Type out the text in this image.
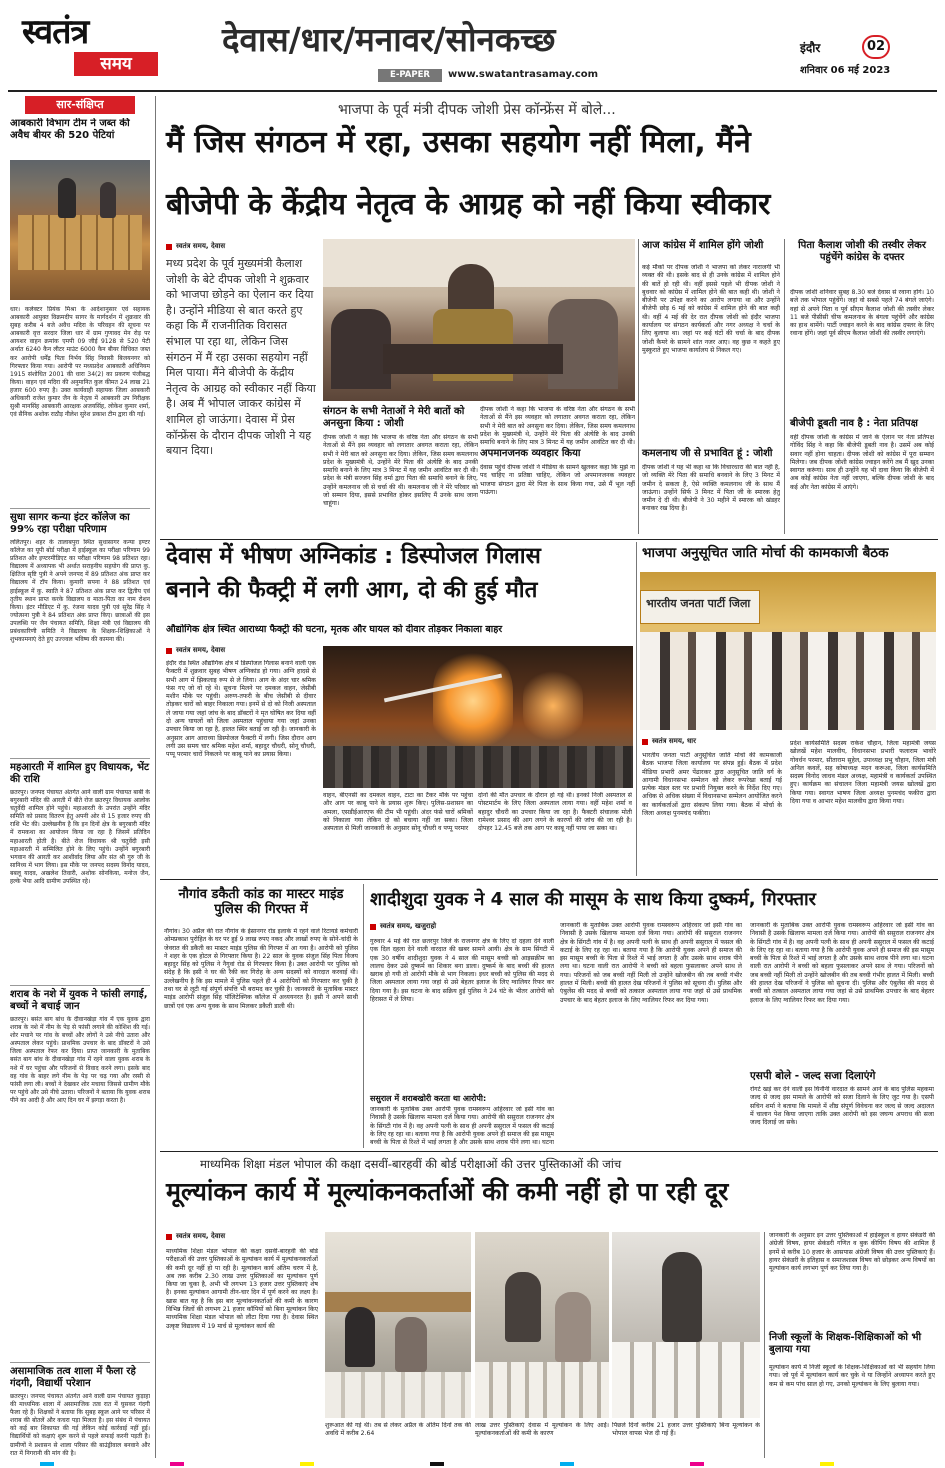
स्वतंत्र
समय
देवास/धार/मनावर/सोनकच्छ
E-PAPER	www.swatantrasamay.com
इंदौर	02
शनिवार 06 मई 2023
सार-संक्षिप्त
आबकारी विभाग टीम ने जब्त की अवैध बीयर की 520 पेटियां
धार। कलेक्टर प्रियंक मिश्रा के आदेशानुसार एवं सहायक आबकारी आयुक्त विक्रमदीप सागर के मार्गदर्शन में शुक्रवार की सुबह करीब 4 बजे अवैध मदिरा के परिवहन की सूचना पर आबकारी वृत्त सरदार जिला धार में ग्राम गुणावद मेन रोड़ पर आयशर वाहन क्रमांक एमपी 09 जीई 9128 से 520 पेटी अर्थात 6240 कैन लीटर माउंट 6000 कैन बीयर विधिवत जब्त कर आरोपी धर्मेंद्र पिता निर्भय सिंह निवासी बिजयनगर को गिरफ्तार किया गया। आरोपी पर मध्यप्रदेश आबकारी अधिनियम 1915 संशोधित 2001 की धारा 34(2) का प्रकरण पंजीबद्ध किया। वाहन एवं मदिरा की अनुमानित कुल कीमत 24 लाख 21 हजार 600 रुपए है। उक्त कार्यवाही सहायक जिला आबकारी अधिकारी राजेश कुमार जैन के नेतृत्व में आबकारी उप निरीक्षक सुश्री मानसिंह आबकारी आरक्षक अजयसिंह, लोकेश कुमार शर्मा, एवं सैनिक अशोक राठौड़ नीलेश सुरेश प्रकाश टीम द्वारा की गई।
सुधा सागर कन्या इंटर कॉलेज का 99% रहा परीक्षा परिणाम
ललितपुर। शहर के तालाबपुरा स्थित सुधासागर कन्या इण्टर कॉलेज का यूपी बोर्ड परीक्षा में हाईस्कूल का परीक्षा परिणाम 99 प्रतिशत और इण्टरमीडिएट का परीक्षा परिणाम 98 प्रतिशत रहा। विद्यालय में अध्यापक भी अर्थात सराहनीय सहयोग की प्राप्त कु. क्षितिज सृष्टि पुत्री ने अपने जनपद में 89 प्रतिशत अंक प्राप्त कर विद्यालय में टॉप किया। कुमारी सपना ने 88 प्रतिशत एवं हाईस्कूल में कु. स्वाति ने 87 प्रतिशत अंक प्राप्त कर द्वितीय एवं तृतीय स्थान प्राप्त करके विद्यालय व माता-पिता का नाम रोशन किया। इंटर मीडिएट में कु. रंजना यादव पुत्री एवं सुरेंद्र सिंह ने ज्योत्सना पुत्री ने 84 प्रतिशत अंक प्राप्त किए। छात्राओं की इस उपलब्धि पर जैन पंचायत समिति, शिक्षा मंत्री एवं विद्यालय की प्रबंधकारिणी समिति ने विद्यालय के शिक्षक-शिक्षिकाओं ने शुभकामनाएं देते हुए उज्ज्वल भविष्य की कामना की।
महआरती में शामिल हुए विधायक, भेंट की राशि
छतरपुर। जनपद पंचायत अंतर्गत आने वाली ग्राम पंचायत बाबी के बगुरबारी मंदिर की आरती में बीते रोज छतरपुर विधायक आलोक चतुर्वेदी शामिल होने पहुंचे। महाआरती के उपरांत उन्होंने मंदिर समिति को प्रसाद वितरण हेतु अपनी ओर से 15 हजार रुपए की राशि भेंट की। उल्लेखनीय है कि इन दिनों क्षेत्र के बगुरबारी मंदिर में रामकथा का आयोजन किया जा रहा है जिसमें प्रतिदिन महाआरती होती है। बीते रोज विधायक श्री चतुर्वेदी इसी महाआरती में सम्मिलित होने के लिए पहुंचे। उन्होंने बगुरबारी भगवान की आरती कर आशीर्वाद लिया और संत श्री गुरु जी के सानिध्य में भाग लिया। इस मौके पर जनपद सदस्य विनोद यादव, बबलू यादव, अखलेश तिवारी, अशोक सोनकिया, मनोज जैन, हल्के भैया आदि ग्रामीण उपस्थित रहे।
शराब के नशे में युवक ने फांसी लगाई, बच्चों ने बचाई जान
छतरपुर। बसंत बाग बांध के दीवानखेड़ा गांव में एक युवक द्वारा शराब के नशे में नीम के पेड़ से फांसी लगाने की कोशिश की गई। शोर मचाने पर गांव के बच्चों और लोगों ने उसे नीचे उतारा और अस्पताल लेकर पहुंचे। प्राथमिक उपचार के बाद डॉक्टरों ने उसे जिला अस्पताल रेफर कर दिया। प्राप्त जानकारी के मुताबिक बसंत बाग बांध के दीवानखेड़ा गांव में रहने वाला युवक शराब के नशे में घर पहुंचा और परिजनों से विवाद करने लगा। इसके बाद वह गांव के बाहर लगे नीम के पेड़ पर चढ़ गया और रस्सी से फांसी लगा ली। बच्चों ने देखकर शोर मचाया जिससे ग्रामीण मौके पर पहुंचे और उसे नीचे उतारा। परिजनों ने बताया कि युवक शराब पीने का आदी है और आए दिन घर में झगड़ा करता है।
असामाजिक तत्व शाला में फैला रहे गंदगी, विद्यार्थी परेशान
छतरपुर। जनपद पंचायत अंतर्गत आने वाली ग्राम पंचायत कुड़ाहा की माध्यमिक शाला में असामाजिक तत्व रात में घुसकर गंदगी फैला रहे हैं। शिक्षकों ने बताया कि सुबह स्कूल आने पर परिसर में शराब की बोतलें और कचरा पड़ा मिलता है। इस संबंध में पंचायत को कई बार शिकायत की गई लेकिन कोई कार्रवाई नहीं हुई। विद्यार्थियों को कक्षाएं शुरू करने से पहले सफाई करनी पड़ती है। ग्रामीणों ने प्रशासन से शाला परिसर की बाउंड्रीवाल बनवाने और रात में निगरानी की मांग की है।
भाजपा के पूर्व मंत्री दीपक जोशी प्रेस कॉन्फ्रेंस में बोले...
मैं जिस संगठन में रहा, उसका सहयोग नहीं मिला, मैंने
बीजेपी के केंद्रीय नेतृत्व के आग्रह को नहीं किया स्वीकार
स्वतंत्र समय, देवास
मध्य प्रदेश के पूर्व मुख्यमंत्री कैलाश जोशी के बेटे दीपक जोशी ने शुक्रवार को भाजपा छोड़ने का ऐलान कर दिया है। उन्होंने मीडिया से बात करते हुए कहा कि मैं राजनीतिक विरासत संभाल पा रहा था, लेकिन जिस संगठन में मैं रहा उसका सहयोग नहीं मिल पाया। मैंने बीजेपी के केंद्रीय नेतृत्व के आग्रह को स्वीकार नहीं किया है। अब मैं भोपाल जाकर कांग्रेस में शामिल हो जाऊंगा। देवास में प्रेस कॉन्फ्रेंस के दौरान दीपक जोशी ने यह बयान दिया।
संगठन के सभी नेताओं ने मेरी बातों को अनसुना किया : जोशी
दीपक जोशी ने कहा कि भाजपा के वरिष्ठ नेता और संगठन के सभी नेताओं से मैंने इस व्यवहार को लगातार अवगत कराता रहा, लेकिन सभी ने मेरी बात को अनसुना कर दिया। लेकिन, जिस समय कमलनाथ प्रदेश के मुख्यमंत्री थे, उन्होंने मेरे पिता की अंत्येष्टि के बाद उनकी समाधि बनाने के लिए मात्र 3 मिनट में यह जमीन आवंटित कर दी थी। प्रदेश के मंत्री सज्जन सिंह वर्मा द्वारा पिता की समाधि बनाने के लिए, उन्होंने कमलनाथ जी से चर्चा की थी। कमलनाथ जी ने मेरे परिवार को जो सम्मान दिया, इससे प्रभावित होकर इसलिए मैं उनके साथ जाना चाहूंगा।
दीपक जोशी ने कहा कि भाजपा के वरिष्ठ नेता और संगठन के सभी नेताओं से मैंने इस व्यवहार को लगातार अवगत कराता रहा, लेकिन सभी ने मेरी बात को अनसुना कर दिया। लेकिन, जिस समय कमलनाथ प्रदेश के मुख्यमंत्री थे, उन्होंने मेरे पिता की अंत्येष्टि के बाद उनकी समाधि बनाने के लिए मात्र 3 मिनट में यह जमीन आवंटित कर दी थी।
अपमानजनक व्यवहार किया
देवास पहुंचे दीपक जोशी ने मीडिया के सामने खुलकर कहा कि मुझे ना पद चाहिए ना प्रतिष्ठा चाहिए, लेकिन जो अपमानजनक व्यवहार भाजपा संगठन द्वारा मेरे पिता के साथ किया गया, उसे मैं भूल नहीं पाऊंगा।
आज कांग्रेस में शामिल होंगे जोशी
कई मौकों पर दीपक जोशी ने भाजपा को लेकर नाराजगी भी व्यक्त की थी। इसके बाद से ही उनके कांग्रेस में शामिल होने की बातें हो रही थी। वहीं इससे पहले भी दीपक जोशी ने बुधवार को कांग्रेस में शामिल होने की बात कही थी। जोशी ने बीजेपी पर उपेक्षा करने का आरोप लगाया था और उन्होंने बीजेपी छोड़ 6 मई को कांग्रेस में शामिल होने की बात कही थी। वहीं 4 मई की देर रात दीपक जोशी को इंदौर भाजपा कार्यालय पर संगठन कार्यकर्ता और नगर अध्यक्ष ने चर्चा के लिए बुलाया था। जहां पर कई घंटों की चर्चा के बाद दीपक जोशी कैमरे के सामने शांत नजर आए। वह कुछ न कहते हुए मुस्कुराते हुए भाजपा कार्यालय से निकल गए।
कमलनाथ जी से प्रभावित हूं : जोशी
दीपक जोशी ने यह भी कहा था कि विचारधारा की बात नहीं है, जो व्यक्ति मेरे पिता की समाधि बनवाने के लिए 3 मिनट में जमीन दे सकता है, ऐसे व्यक्ति कमलनाथ जी के साथ मैं जाऊंगा। उन्होंने सिर्फ 3 मिनट में पिता जी के स्मारक हेतु जमीन दे दी थी। बीजेपी ने 30 महीने में स्मारक को खंडहर बनाकर रख दिया है।
पिता कैलाश जोशी की तस्वीर लेकर पहुंचेंगे कांग्रेस के दफ्तर
दीपक जोशी शनिवार सुबह 8.30 बजे देवास से रवाना होंगे। 10 बजे तक भोपाल पहुंचेंगे। जहां वो सबसे पहले 74 बंगले जाएंगे। वहां से अपने पिता व पूर्व सीएम कैलाश जोशी की तस्वीर लेकर 11 बजे पीसीसी चीफ कमलनाथ के बंगला पहुंचेंगे और कांग्रेस का हाथ थामेंगे। पार्टी ज्वाइन करने के बाद कांग्रेस दफ्तर के लिए रवाना होंगे। जहां पूर्व सीएम कैलाश जोशी की तस्वीर लगाएंगे।
बीजेपी डूबती नाव है : नेता प्रतिपक्ष
वहीं दीपक जोशी के कांग्रेस में जाने के ऐलान पर नेता प्रतिपक्ष गोविंद सिंह ने कहा कि बीजेपी डूबती नाव है। उसमें अब कोई सवार नहीं होना चाहता। दीपक जोशी को कांग्रेस में पूरा सम्मान मिलेगा। जब दीपक जोशी कांग्रेस ज्वाइन करेंगे तब मैं खुद उनका स्वागत करूंगा। साथ ही उन्होंने यह भी दावा किया कि बीजेपी में अब कोई कांग्रेस नेता नहीं जाएगा, बल्कि दीपक जोशी के बाद कई और नेता कांग्रेस में आएंगे।
देवास में भीषण अग्निकांड : डिस्पोजल गिलास
बनाने की फैक्ट्री में लगी आग, दो की हुई मौत
औद्योगिक क्षेत्र स्थित आराध्या फैक्ट्री की घटना, मृतक और घायल को दीवार तोड़कर निकाला बाहर
स्वतंत्र समय, देवास
इंदौर रोड स्थित औद्योगिक क्षेत्र में डिस्पोजल गिलास बनाने वाली एक फैक्टरी में शुक्रवार सुबह भीषण अग्निकांड हो गया। अग्नि हादसे से सभी आग में झिकलाइ रूप से ले लिया। आग के अंदर चार श्रमिक फंस गए जो वो रहे थे। सूचना मिलने पर दमकल वाहन, जेसीबी मशीन मौके पर पहुंची। अरुण-तफरी के बीच जेसीबी से दीवार तोड़कर चारों को बाहर निकाला गया। इनमें से दो को निजी अस्पताल ले जाया गया जहां जांच के बाद डॉक्टरों ने मृत घोषित कर दिया वहीं दो अन्य घायलों को जिला अस्पताल पहुंचाया गया जहां उनका उपचार किया जा रहा है, हालत स्थिर बताई जा रही है। जानकारी के अनुसार आग आराध्या डिस्पोजल फैक्टरी में लगी। जिस दौरान आग लगी उस समय चार श्रमिक महेश शर्मा, बहादुर चौधरी, सोनू चौधरी, पप्पू परमार चारों निकलने पर काबू पाने का प्रयास किया।
वाहन, बीएनसी का दमकल वाहन, टाटा का टैंकर मौके पर पहुंचा और आग पर काबू पाने के प्रयास शुरू किए। पुलिस-प्रशासन का अमला, एसडीईआरएफ की टीम भी पहुंची। अंदर फंसे चारों श्रमिकों को निकाला गया लेकिन दो को बचाया नहीं जा सका। जिला अस्पताल से मिली जानकारी के अनुसार सोनू चौधरी व पप्पू परमार
दोनों की मौत उपचार के दौरान हो गई थी। इनको निजी अस्पताल से पोस्टमार्टम के लिए जिला अस्पताल लाया गया। वहीं महेश शर्मा व बहादुर चौधरी का उपचार किया जा रहा है। फैक्टरी संचालक मोती रामेश्वर प्रसाद की आग लगने के कारणों की जांच की जा रही है। दोपहर 12.45 बजे तक आग पर काबू नहीं पाया जा सका था।
भाजपा अनुसूचित जाति मोर्चा की कामकाजी बैठक
भारतीय जनता पार्टी जिला
स्वतंत्र समय, धार
भारतीय जनता पार्टी अनुसूचित जाति मोर्चा की कामकाजी बैठक भाजपा जिला कार्यालय पर संपन्न हुई। बैठक में प्रदेश मीडिया प्रभारी अमर पेंढारकर द्वारा अनुसूचित जाति वर्ग के आगामी विधानसभा सम्मेलन को लेकर रूपरेखा बताई गई प्रत्येक मंडल स्तर पर प्रभारी नियुक्त करने के निर्देश दिए गए। अधिक से अधिक संख्या में विधानसभा सम्मेलन आयोजित करने का कार्यकर्ताओं द्वारा संकल्प लिया गया। बैठक में मोर्चा के जिला अध्यक्ष पुनमचंद फकीरा।
प्रदेश कार्यसमिति सदस्य राकेश चौहान, जिला महामंत्री जयस खोलखें महेश मालवीय, विधानसभा प्रभारी फलाराम भावोरे गोवर्धन परमार, सीताराम सुहेल, उपाध्यक्ष प्रभु चौहान, जिला मंत्री अनिल कवलें, सह कोषाध्यक्ष मदन करूआ, जिला कार्यसमिति सदस्य विनोद जाधव मंडल अध्यक्ष, महामंत्री व कार्यकर्ता उपस्थित हुए। कार्यक्रम का संचालन जिला महामंत्री जयस खोलखें द्वारा किया गया। स्वागत भाषण जिला अध्यक्ष पुनमचंद फकीरा द्वारा दिया गया व आभार महेश मालवीय द्वारा किया गया।
नौगांव डकैती कांड का मास्टर माइंड पुलिस की गिरफ्त में
नौगांव। 30 अप्रैल की रात नौगांव के ईसानगर रोड इलाके में रहने वाले रिटायर्ड कर्मचारी ओमप्रकाश पुरोहित के घर पर हुई 9 लाख रुपए नकद और लाखों रुपए के सोने-चांदी के जेवरात की डकैती का मास्टर माइंड पुलिस की गिरफ्त में आ गया है। आरोपी को पुलिस ने शहर के एक होटल से गिरफ्तार किया है। 22 साल के युवक संजुल सिंह पिता विजय बहादुर सिंह को पुलिस ने नैगुवां रोड से गिरफ्तार किया है। उक्त आरोपी पर पुलिस को संदेह है कि इसी ने घर की रैकी कर गिरोह के अन्य सदस्यों को वारदात करवाई थी। उल्लेखनीय है कि इस मामले में पुलिस पहले ही 4 आरोपियों को गिरफ्तार कर चुकी है तथा घर से लूटी गई संपूर्ण संपत्ति भी बरामद कर चुकी है। जानकारी के मुताबिक मास्टर माइंड आरोपी संजुल सिंह पॉलिटेक्निक कॉलेज में अध्ययनरत है। इसी ने अपने साथी छात्रों एवं एक अन्य युवक के साथ मिलकर डकैती डाली थी।
शादीशुदा युवक ने 4 साल की मासूम के साथ किया दुष्कर्म, गिरफ्तार
स्वतंत्र समय, खजुराहो
गुरुवार 4 मई की रात छतरपुर जिले के राजनगर क्षेत्र के लिए दो दहला देने वाली एक दिल दहला देने वाली वारदात की खबर सामने आयी। क्षेत्र के ग्राम सिंगटी में एक 30 वर्षीय शादीशुदा युवक ने 4 साल की मासूम बच्ची को आइसक्रीम का लालच देकर उसे दुष्कर्म का शिकार बना डाला। दुष्कर्म के बाद बच्ची की हालत खराब हो गयी तो आरोपी मौके से भाग निकला। इधर बच्ची को पुलिस की मदद से जिला अस्पताल लाया गया जहां से उसे बेहतर इलाज के लिए ग्वालियर रिफर कर दिया गया है। इस घटना के बाद सक्रिय हुई पुलिस ने 24 घंटे के भीतर आरोपी को हिरासत में ले लिया।
ससुराल में शराबखोरी करता था आरोपी:
जानकारी के मुताबिक उक्त आरोपी युवक रामस्वरूप अहिरवार जो इसी गांव का निवासी है उसके खिलाफ मामला दर्ज किया गया। आरोपी की ससुराल राजनगर क्षेत्र के सिंगटी गांव में है। वह अपनी पत्नी के साथ ही अपनी ससुराल में फसल की कटाई के लिए रह रहा था। बताया गया है कि आरोपी युवक अपने ही समाज की इस मासूम बच्ची के पिता से रिश्ते में भाई लगता है और उसके साथ शराब पीने लगा था। घटना
जानकारी के मुताबिक उक्त आरोपी युवक रामस्वरूप अहिरवार जो इसी गांव का निवासी है उसके खिलाफ मामला दर्ज किया गया। आरोपी की ससुराल राजनगर क्षेत्र के सिंगटी गांव में है। वह अपनी पत्नी के साथ ही अपनी ससुराल में फसल की कटाई के लिए रह रहा था। बताया गया है कि आरोपी युवक अपने ही समाज की इस मासूम बच्ची के पिता से रिश्ते में भाई लगता है और उसके साथ शराब पीने लगा था। घटना वाली रात आरोपी ने बच्ची को बहला फुसलाकर अपने साथ ले गया। परिजनों को जब बच्ची नहीं मिली तो उन्होंने खोजबीन की तब बच्ची गंभीर हालत में मिली। बच्ची की हालत देख परिजनों ने पुलिस को सूचना दी। पुलिस और एंबुलेंस की मदद से बच्ची को तत्काल अस्पताल लाया गया जहां से उसे प्राथमिक उपचार के बाद बेहतर इलाज के लिए ग्वालियर रिफर कर दिया गया।
जानकारी के मुताबिक उक्त आरोपी युवक रामस्वरूप अहिरवार जो इसी गांव का निवासी है उसके खिलाफ मामला दर्ज किया गया। आरोपी की ससुराल राजनगर क्षेत्र के सिंगटी गांव में है। वह अपनी पत्नी के साथ ही अपनी ससुराल में फसल की कटाई के लिए रह रहा था। बताया गया है कि आरोपी युवक अपने ही समाज की इस मासूम बच्ची के पिता से रिश्ते में भाई लगता है और उसके साथ शराब पीने लगा था। घटना वाली रात आरोपी ने बच्ची को बहला फुसलाकर अपने साथ ले गया। परिजनों को जब बच्ची नहीं मिली तो उन्होंने खोजबीन की तब बच्ची गंभीर हालत में मिली। बच्ची की हालत देख परिजनों ने पुलिस को सूचना दी। पुलिस और एंबुलेंस की मदद से बच्ची को तत्काल अस्पताल लाया गया जहां से उसे प्राथमिक उपचार के बाद बेहतर इलाज के लिए ग्वालियर रिफर कर दिया गया।
एसपी बोले - जल्द सजा दिलाएंगे
रोंगटे खड़े कर देने वाली इस घिनौनी वारदात के सामने आने के बाद पुलिस महकमा जल्द से जल्द इस मामले के आरोपी को सजा दिलाने के लिए जुट गया है। एसपी सचिन शर्मा ने बताया कि मामले में शीघ्र संपूर्ण विवेचना कर जल्द से जल्द अदालत में चालान पेश किया जाएगा ताकि उक्त आरोपी को इस जघन्य अपराध की सजा जल्द दिलाई जा सके।
माध्यमिक शिक्षा मंडल भोपाल की कक्षा दसवीं-बारहवीं की बोर्ड परीक्षाओं की उत्तर पुस्तिकाओं की जांच
मूल्यांकन कार्य में मूल्यांकनकर्ताओं की कमी नहीं हो पा रही दूर
स्वतंत्र समय, देवास
माध्यमिक शिक्षा मंडल भोपाल की कक्षा दसवीं-बारहवीं की बोर्ड परीक्षाओं की उत्तर पुस्तिकाओं के मूल्यांकन कार्य में मूल्यांकनकर्ताओं की कमी दूर नहीं हो पा रही है। मूल्यांकन कार्य अंतिम चरण में है, अब तक करीब 2.30 लाख उत्तर पुस्तिकाओं का मूल्यांकन पूर्ण किया जा चुका है, अभी भी लगभग 13 हजार उत्तर पुस्तिकाएं शेष है। इनका मूल्यांकन आगामी तीन-चार दिन में पूर्ण करने का लक्ष्य है। खास बात यह है कि इस बार मूल्यांकनकर्ताओं की कमी के कारण विभिन्न जिलों की लगभग 21 हजार कॉपियों को बिना मूल्यांकन किए माध्यमिक शिक्षा मंडल भोपाल को लौटा दिया गया है। देवास स्थित उत्कृष्ट विद्यालय में 19 मार्च से मूल्यांकन कार्य की
शुरूआत की गई थी। तब से लेकर अप्रैल के अंतिम दिनों तक की अवधि में करीब 2.64
लाख उत्तर पुस्तिकाएं देवास में मूल्यांकन के लिए आईं। मूल्यांकनकर्ताओं की कमी के कारण
पिछले दिनों करीब 21 हजार उत्तर पुस्तिकाएं बिना मूल्यांकन के भोपाल वापस भेज दी गई हैं।
जानकारी के अनुसार इन उत्तर पुस्तिकाओं में हाईस्कूल व हायर सेकंडरी की अंग्रेजी विषय, हायर सेकंडरी गणित व बुक कीपिंग विषय की शामिल हैं इनमें से करीब 10 हजार के आसपास अंग्रेजी विषय की उत्तर पुस्तिकाएं हैं। हायर सेकंडरी के इतिहास व समाजशास्त्र विषय को छोड़कर अन्य विषयों का मूल्यांकन कार्य लगभग पूर्ण कर लिया गया है।
निजी स्कूलों के शिक्षक-शिक्षिकाओं को भी बुलाया गया
मूल्यांकन कार्य में निजी स्कूलों के शिक्षक-शिक्षिकाओं को भी सहयोग लिया गया। जो पूर्व में मूल्यांकन कार्य कर चुके थे या जिन्होंने अध्यापन करते हुए कम से कम पांच साल हो गए, उनको मूल्यांकन के लिए बुलाया गया।
